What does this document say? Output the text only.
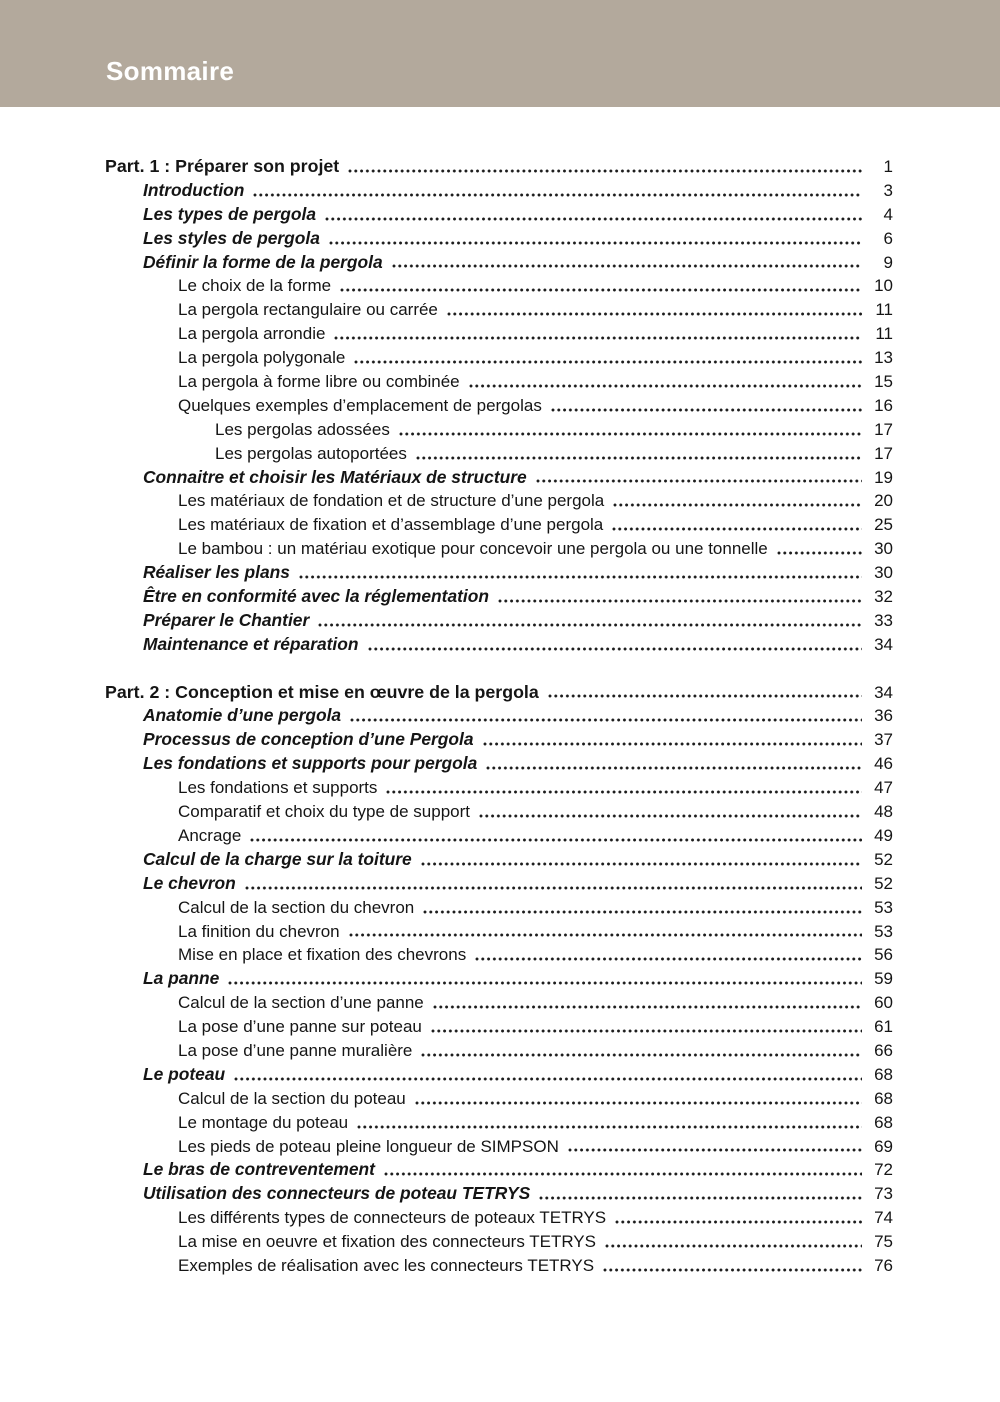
Sommaire
Part. 1 : Préparer son projet	1
Introduction	3
Les types de pergola	4
Les styles de pergola	6
Définir la forme de la pergola	9
Le choix de la forme	10
La pergola rectangulaire ou carrée	11
La pergola arrondie	11
La pergola polygonale	13
La pergola à forme libre ou combinée	15
Quelques exemples d’emplacement de pergolas	16
Les pergolas adossées	17
Les pergolas autoportées	17
Connaitre et choisir les Matériaux de structure	19
Les matériaux de fondation et de structure d’une pergola	20
Les matériaux de fixation et d’assemblage d’une pergola	25
Le bambou : un matériau exotique pour concevoir une pergola ou une tonnelle	30
Réaliser les plans	30
Être en conformité avec la réglementation	32
Préparer le Chantier	33
Maintenance et réparation	34
Part. 2 : Conception et mise en œuvre de la pergola	34
Anatomie d’une pergola	36
Processus de conception d’une Pergola	37
Les fondations et supports pour pergola	46
Les fondations et supports	47
Comparatif et choix du type de support	48
Ancrage	49
Calcul de la charge sur la toiture	52
Le chevron	52
Calcul de la section du chevron	53
La finition du chevron	53
Mise en place et fixation des chevrons	56
La panne	59
Calcul de la section d’une panne	60
La pose d’une panne sur poteau	61
La pose d’une panne muralière	66
Le poteau	68
Calcul de la section du poteau	68
Le montage du poteau	68
Les pieds de poteau pleine longueur de SIMPSON	69
Le bras de contreventement	72
Utilisation des connecteurs de poteau TETRYS	73
Les différents types de connecteurs de poteaux TETRYS	74
La mise en oeuvre et fixation des connecteurs TETRYS	75
Exemples de réalisation avec les connecteurs TETRYS	76
